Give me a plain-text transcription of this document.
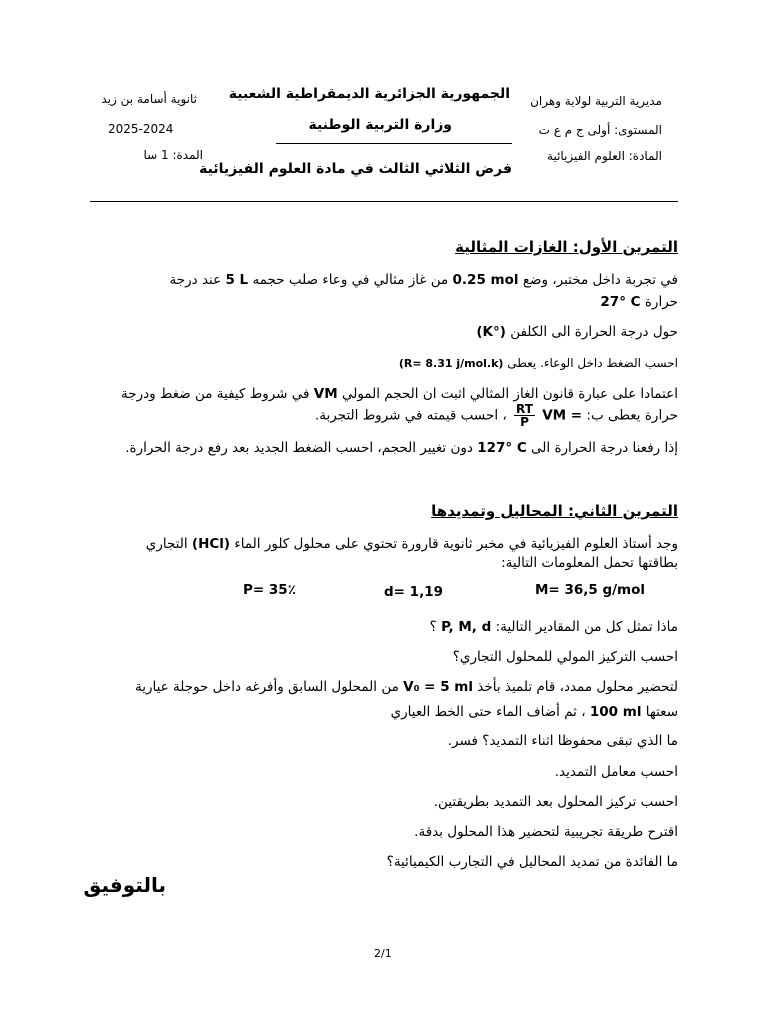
ثانوية أسامة بن زيد
2025-2024
المدة: 1 سا
الجمهورية الجزائرية الديمقراطية الشعبية
وزارة التربية الوطنية
فرض الثلاثي الثالث في مادة العلوم الفيزيائية
مديرية التربية لولاية وهران
المستوى: أولى ج م ع ت
المادة: العلوم الفيزيائية
التمرين الأول: الغازات المثالية
في تجربة داخل مختبر، وضع 0.25 mol من غاز مثالي في وعاء صلب حجمه 5 L عند درجة
حرارة 27° C
حول درجة الحرارة الى الكلفن (K°)
احسب الضغط داخل الوعاء. يعطى (R= 8.31 j/mol.k)
اعتمادا على عبارة قانون الغاز المثالي اثبت ان الحجم المولي VM في شروط كيفية من ضغط ودرجة
حرارة يعطى ب: VM =
$\frac{RT}{P}$
، احسب قيمته في شروط التجربة.
إذا رفعنا درجة الحرارة الى 127° C دون تغيير الحجم، احسب الضغط الجديد بعد رفع درجة الحرارة.
التمرين الثاني: المحاليل وتمديدها
وجد أستاذ العلوم الفيزيائية في مخبر ثانوية قارورة تحتوي على محلول كلور الماء (HCl) التجاري
بطاقتها تحمل المعلومات التالية:
P= 35٪	d= 1,19	M= 36,5 g/mol
ماذا تمثل كل من المقادير التالية: P, M, d ؟
احسب التركيز المولي للمحلول التجاري؟
لتحضير محلول ممدد، قام تلميذ بأخذ V₀ = 5 ml من المحلول السابق وأفرغه داخل حوجلة عيارية
سعتها 100 ml ، ثم أضاف الماء حتى الخط العياري
ما الذي تبقى محفوظا اثناء التمديد؟ فسر.
احسب معامل التمديد.
احسب تركيز المحلول بعد التمديد بطريقتين.
اقترح طريقة تجريبية لتحضير هذا المحلول بدقة.
ما الفائدة من تمديد المحاليل في التجارب الكيميائية؟
بالتوفيق
2/1
